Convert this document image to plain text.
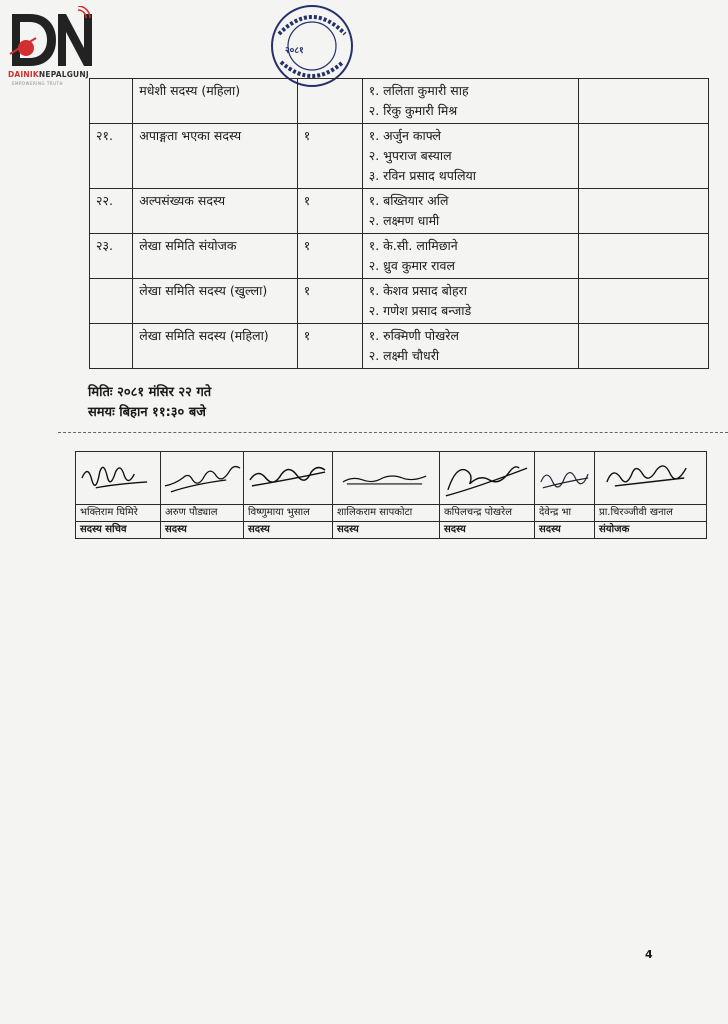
DAINIKNEPALGUNJ
EMPOWERING TRUTH
२०८१
	मधेशी सदस्य (महिला)		१. ललिता कुमारी साह
२. रिंकु कुमारी मिश्र	

२१.	अपाङ्गता भएका सदस्य	१	१. अर्जुन काफ्ले
२. भुपराज बस्याल
३. रविन प्रसाद थपलिया	

२२.	अल्पसंख्यक सदस्य	१	१. बख्तियार अलि
२. लक्ष्मण धामी	

२३.	लेखा समिति संयोजक	१	१. के.सी. लामिछाने
२. ध्रुव कुमार रावल	

	लेखा समिति सदस्य (खुल्ला)	१	१. केशव प्रसाद बोहरा
२. गणेश प्रसाद बन्जाडे	

	लेखा समिति सदस्य (महिला)	१	१. रुक्मिणी पोखरेल
२. लक्ष्मी चौधरी	

मितिः २०८१ मंसिर २२ गते
समयः बिहान ११:३० बजे

भक्तिराम घिमिरे	अरुण पौड्याल	विष्णुमाया भुसाल	शालिकराम सापकोटा	कपिलचन्द्र पोखरेल	देवेन्द्र भा	प्रा.चिरञ्जीवी खनाल
सदस्य सचिव	सदस्य	सदस्य	सदस्य	सदस्य	सदस्य	संयोजक
4
